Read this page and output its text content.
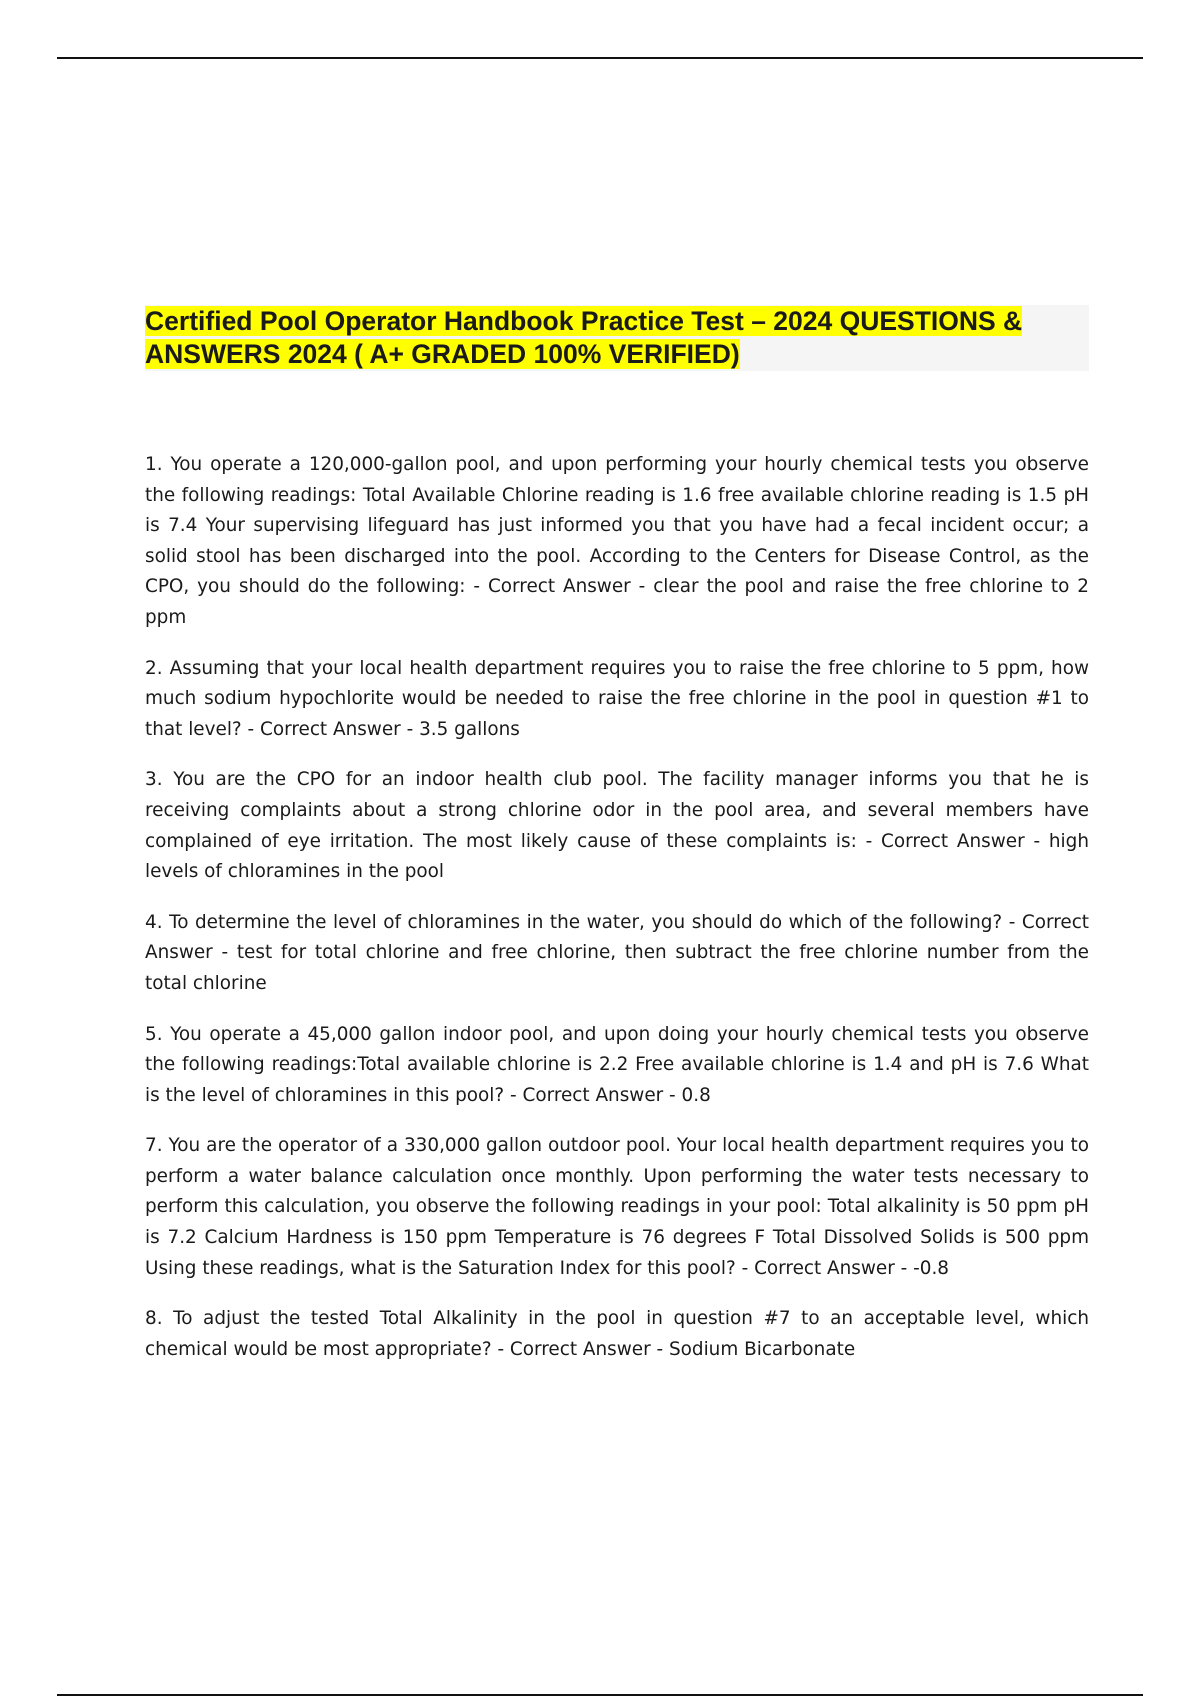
Certified Pool Operator Handbook Practice Test – 2024 QUESTIONS & ANSWERS 2024 ( A+ GRADED 100% VERIFIED)
1. You operate a 120,000-gallon pool, and upon performing your hourly chemical tests you observe the following readings: Total Available Chlorine reading is 1.6 free available chlorine reading is 1.5 pH is 7.4 Your supervising lifeguard has just informed you that you have had a fecal incident occur; a solid stool has been discharged into the pool. According to the Centers for Disease Control, as the CPO, you should do the following: - Correct Answer - clear the pool and raise the free chlorine to 2 ppm
2. Assuming that your local health department requires you to raise the free chlorine to 5 ppm, how much sodium hypochlorite would be needed to raise the free chlorine in the pool in question #1 to that level? - Correct Answer - 3.5 gallons
3. You are the CPO for an indoor health club pool. The facility manager informs you that he is receiving complaints about a strong chlorine odor in the pool area, and several members have complained of eye irritation. The most likely cause of these complaints is: - Correct Answer - high levels of chloramines in the pool
4. To determine the level of chloramines in the water, you should do which of the following? - Correct Answer - test for total chlorine and free chlorine, then subtract the free chlorine number from the total chlorine
5. You operate a 45,000 gallon indoor pool, and upon doing your hourly chemical tests you observe the following readings:Total available chlorine is 2.2 Free available chlorine is 1.4 and pH is 7.6 What is the level of chloramines in this pool? - Correct Answer - 0.8
7. You are the operator of a 330,000 gallon outdoor pool. Your local health department requires you to perform a water balance calculation once monthly. Upon performing the water tests necessary to perform this calculation, you observe the following readings in your pool: Total alkalinity is 50 ppm pH is 7.2 Calcium Hardness is 150 ppm Temperature is 76 degrees F Total Dissolved Solids is 500 ppm Using these readings, what is the Saturation Index for this pool? - Correct Answer - -0.8
8. To adjust the tested Total Alkalinity in the pool in question #7 to an acceptable level, which chemical would be most appropriate? - Correct Answer - Sodium Bicarbonate
